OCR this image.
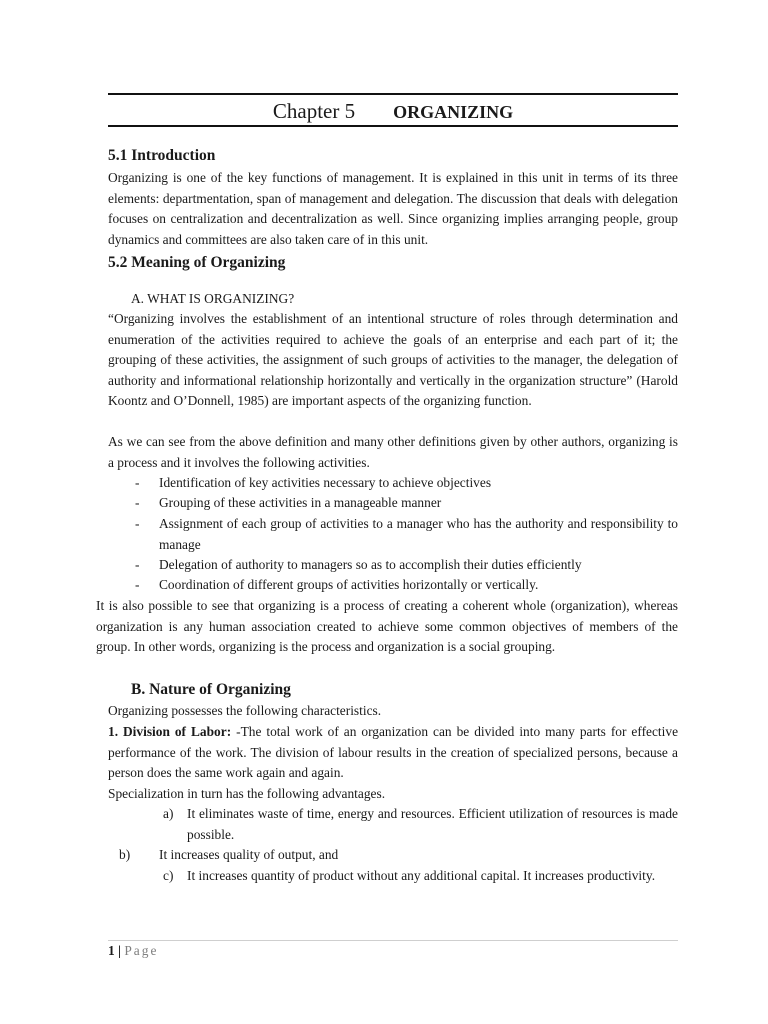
Chapter 5 ORGANIZING
5.1 Introduction
Organizing is one of the key functions of management. It is explained in this unit in terms of its three elements: departmentation, span of management and delegation. The discussion that deals with delegation focuses on centralization and decentralization as well. Since organizing implies arranging people, group dynamics and committees are also taken care of in this unit.
5.2 Meaning of Organizing
A. WHAT IS ORGANIZING?
“Organizing involves the establishment of an intentional structure of roles through determination and enumeration of the activities required to achieve the goals of an enterprise and each part of it; the grouping of these activities, the assignment of such groups of activities to the manager, the delegation of authority and informational relationship horizontally and vertically in the organization structure” (Harold Koontz and O’Donnell, 1985) are important aspects of the organizing function.
As we can see from the above definition and many other definitions given by other authors, organizing is a process and it involves the following activities.
-	Identification of key activities necessary to achieve objectives
-	Grouping of these activities in a manageable manner
-	Assignment of each group of activities to a manager who has the authority and responsibility to manage
-	Delegation of authority to managers so as to accomplish their duties efficiently
-	Coordination of different groups of activities horizontally or vertically.
It is also possible to see that organizing is a process of creating a coherent whole (organization), whereas organization is any human association created to achieve some common objectives of members of the group. In other words, organizing is the process and organization is a social grouping.
B. Nature of Organizing
Organizing possesses the following characteristics.
1. Division of Labor: -The total work of an organization can be divided into many parts for effective performance of the work. The division of labour results in the creation of specialized persons, because a person does the same work again and again.
Specialization in turn has the following advantages.
a) It eliminates waste of time, energy and resources. Efficient utilization of resources is made possible.
b) It increases quality of output, and
c) It increases quantity of product without any additional capital. It increases productivity.
1 | Page
